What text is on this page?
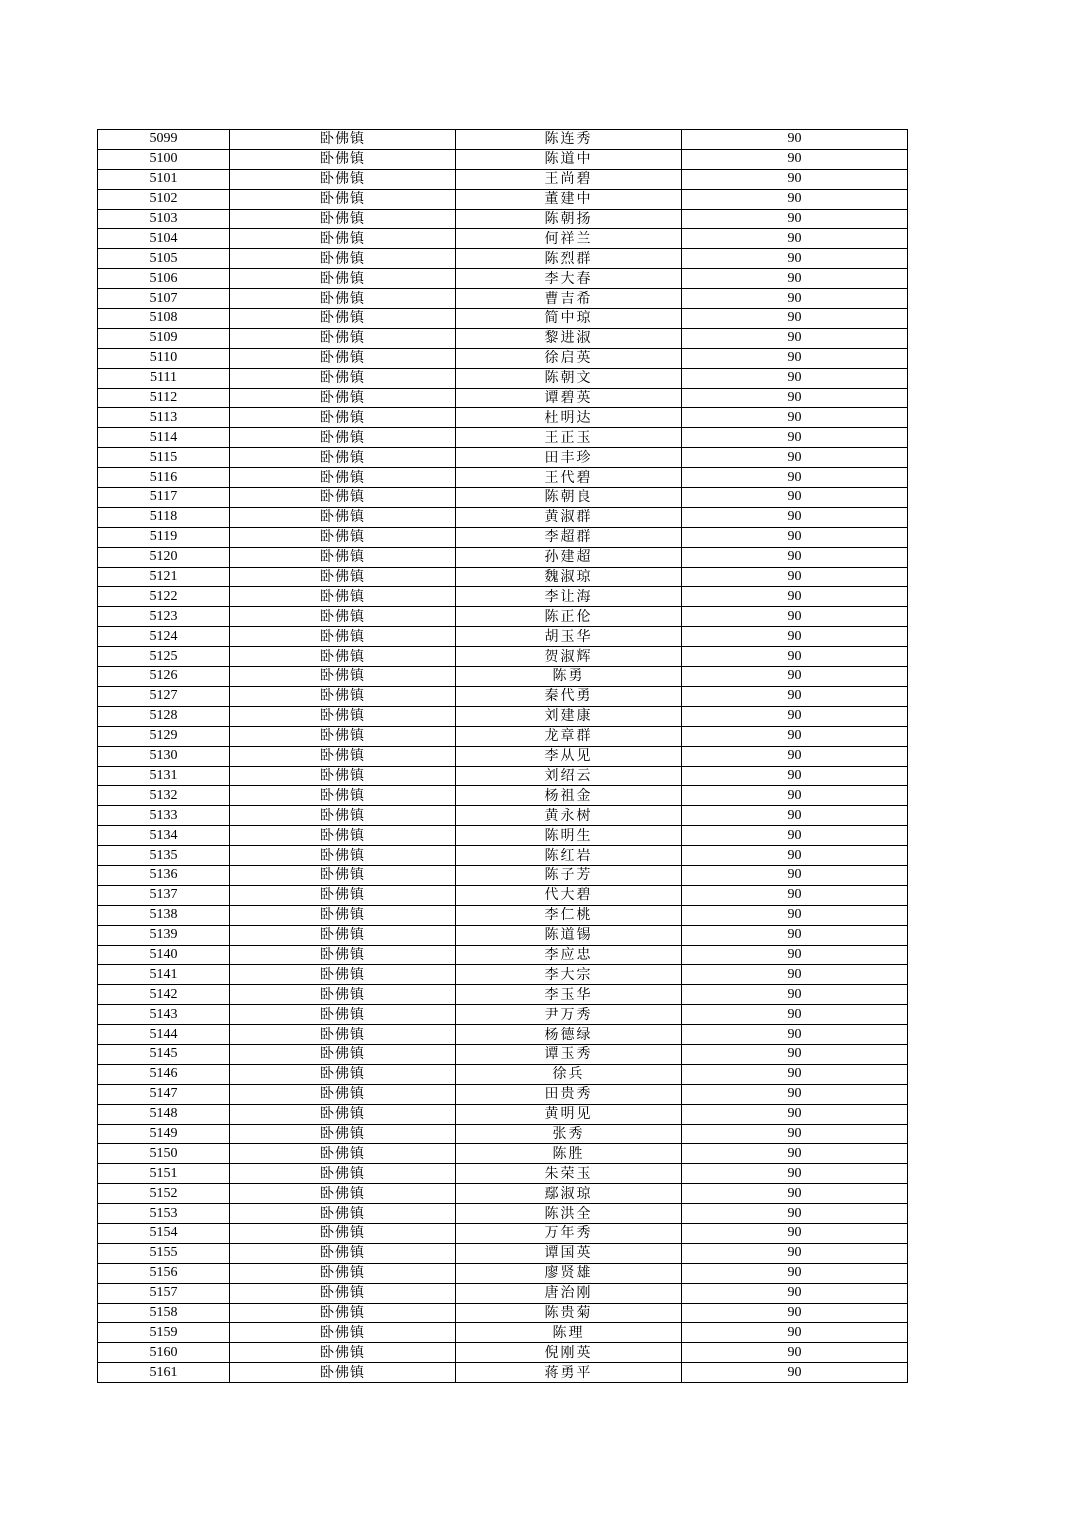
5099	卧佛镇	陈连秀	90
5100	卧佛镇	陈道中	90
5101	卧佛镇	王尚碧	90
5102	卧佛镇	董建中	90
5103	卧佛镇	陈朝扬	90
5104	卧佛镇	何祥兰	90
5105	卧佛镇	陈烈群	90
5106	卧佛镇	李大春	90
5107	卧佛镇	曹吉希	90
5108	卧佛镇	简中琼	90
5109	卧佛镇	黎进淑	90
5110	卧佛镇	徐启英	90
5111	卧佛镇	陈朝文	90
5112	卧佛镇	谭碧英	90
5113	卧佛镇	杜明达	90
5114	卧佛镇	王正玉	90
5115	卧佛镇	田丰珍	90
5116	卧佛镇	王代碧	90
5117	卧佛镇	陈朝良	90
5118	卧佛镇	黄淑群	90
5119	卧佛镇	李超群	90
5120	卧佛镇	孙建超	90
5121	卧佛镇	魏淑琼	90
5122	卧佛镇	李让海	90
5123	卧佛镇	陈正伦	90
5124	卧佛镇	胡玉华	90
5125	卧佛镇	贺淑辉	90
5126	卧佛镇	陈勇	90
5127	卧佛镇	秦代勇	90
5128	卧佛镇	刘建康	90
5129	卧佛镇	龙章群	90
5130	卧佛镇	李从见	90
5131	卧佛镇	刘绍云	90
5132	卧佛镇	杨祖金	90
5133	卧佛镇	黄永树	90
5134	卧佛镇	陈明生	90
5135	卧佛镇	陈红岩	90
5136	卧佛镇	陈子芳	90
5137	卧佛镇	代大碧	90
5138	卧佛镇	李仁桃	90
5139	卧佛镇	陈道锡	90
5140	卧佛镇	李应忠	90
5141	卧佛镇	李大宗	90
5142	卧佛镇	李玉华	90
5143	卧佛镇	尹万秀	90
5144	卧佛镇	杨德绿	90
5145	卧佛镇	谭玉秀	90
5146	卧佛镇	徐兵	90
5147	卧佛镇	田贵秀	90
5148	卧佛镇	黄明见	90
5149	卧佛镇	张秀	90
5150	卧佛镇	陈胜	90
5151	卧佛镇	朱荣玉	90
5152	卧佛镇	鄢淑琼	90
5153	卧佛镇	陈洪全	90
5154	卧佛镇	万年秀	90
5155	卧佛镇	谭国英	90
5156	卧佛镇	廖贤雄	90
5157	卧佛镇	唐治刚	90
5158	卧佛镇	陈贵菊	90
5159	卧佛镇	陈理	90
5160	卧佛镇	倪刚英	90
5161	卧佛镇	蒋勇平	90
